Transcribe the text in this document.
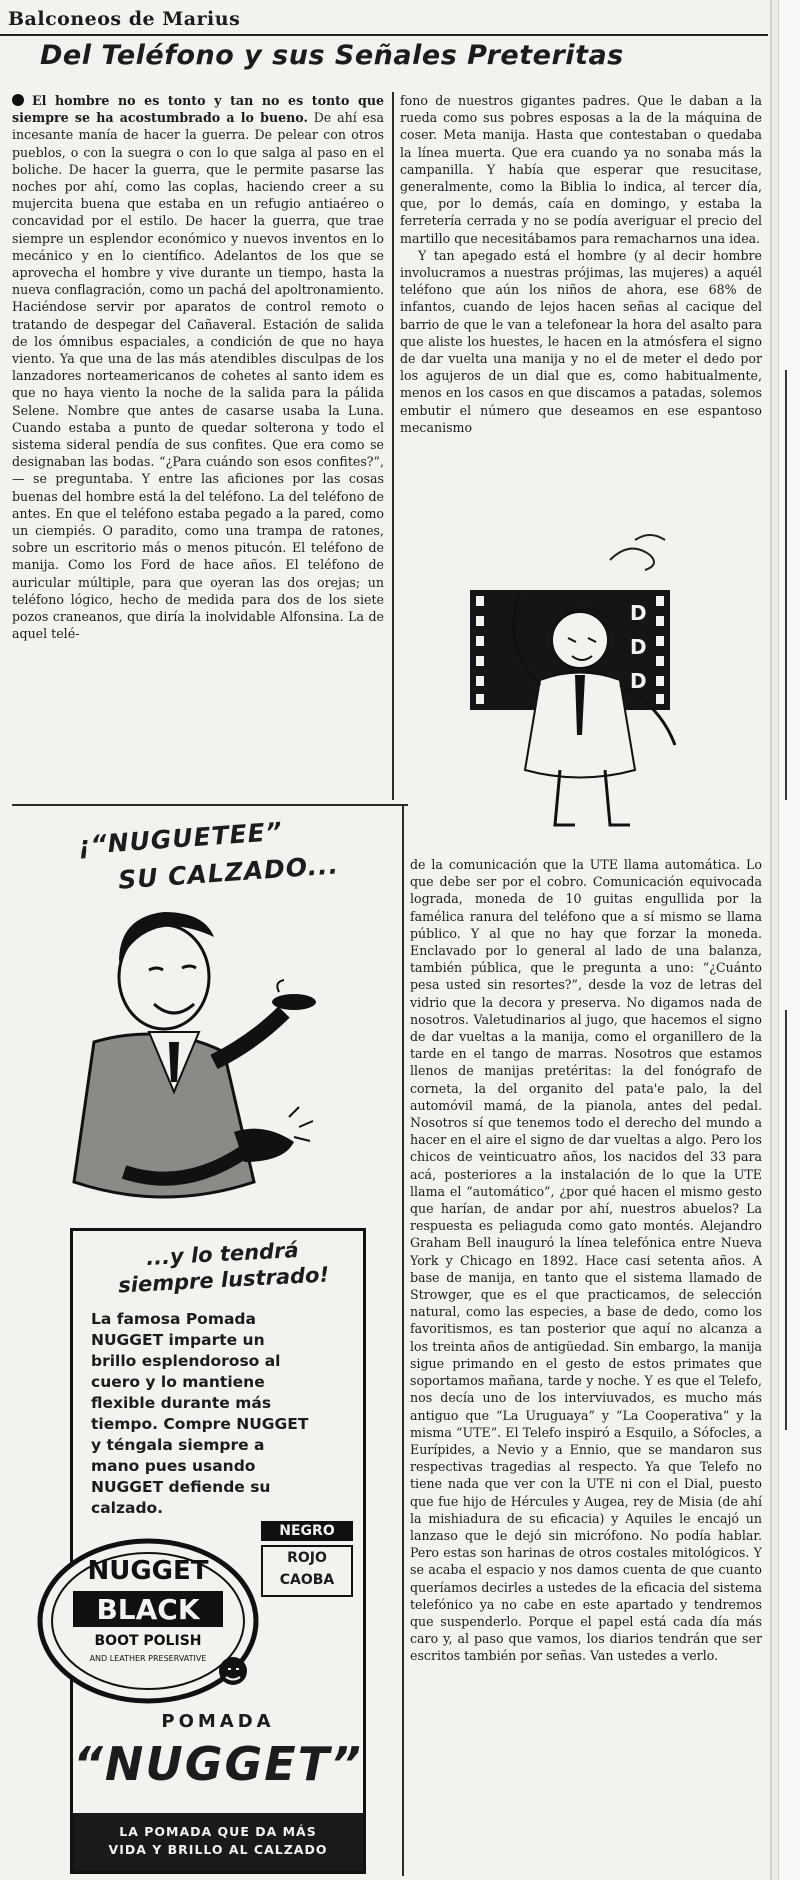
Balconeos de Marius
Del Teléfono y sus Señales Preteritas

El hombre no es tonto y tan no es tonto que siempre se ha acostumbrado a lo bueno. De ahí esa incesante manía de hacer la guerra. De pelear con otros pueblos, o con la suegra o con lo que salga al paso en el boliche. De hacer la guerra, que le permite pasarse las noches por ahí, como las coplas, haciendo creer a su mujercita buena que estaba en un refugio antiaéreo o concavidad por el estilo. De hacer la guerra, que trae siempre un esplendor económico y nuevos inventos en lo mecánico y en lo científico. Adelantos de los que se aprovecha el hombre y vive durante un tiempo, hasta la nueva conflagración, como un pachá del apoltronamiento. Haciéndose servir por aparatos de control remoto o tratando de despegar del Cañaveral. Estación de salida de los ómnibus espaciales, a condición de que no haya viento. Ya que una de las más atendibles disculpas de los lanzadores norteamericanos de cohetes al santo idem es que no haya viento la noche de la salida para la pálida Selene. Nombre que antes de casarse usaba la Luna. Cuando estaba a punto de quedar solterona y todo el sistema sideral pendía de sus confites. Que era como se designaban las bodas. “¿Para cuándo son esos confites?”, — se preguntaba. Y entre las aficiones por las cosas buenas del hombre está la del teléfono. La del teléfono de antes. En que el teléfono estaba pegado a la pared, como un ciempiés. O paradito, como una trampa de ratones, sobre un escritorio más o menos pitucón. El teléfono de manija. Como los Ford de hace años. El teléfono de auricular múltiple, para que oyeran las dos orejas; un teléfono lógico, hecho de medida para dos de los siete pozos craneanos, que diría la inolvidable Alfonsina. La de aquel telé-

fono de nuestros gigantes padres. Que le daban a la rueda como sus pobres esposas a la de la máquina de coser. Meta manija. Hasta que contestaban o quedaba la línea muerta. Que era cuando ya no sonaba más la campanilla. Y había que esperar que resucitase, generalmente, como la Biblia lo indica, al tercer día, que, por lo demás, caía en domingo, y estaba la ferretería cerrada y no se podía averiguar el precio del martillo que necesitábamos para remacharnos una idea.

Y tan apegado está el hombre (y al decir hombre involucramos a nuestras prójimas, las mujeres) a aquél teléfono que aún los niños de ahora, ese 68% de infantos, cuando de lejos hacen señas al cacique del barrio de que le van a telefonear la hora del asalto para que aliste los huestes, le hacen en la atmósfera el signo de dar vuelta una manija y no el de meter el dedo por los agujeros de un dial que es, como habitualmente, menos en los casos en que discamos a patadas, solemos embutir el número que deseamos en ese espantoso mecanismo

D
D
D

de la comunicación que la UTE llama automática. Lo que debe ser por el cobro. Comunicación equivocada lograda, moneda de 10 guitas engullida por la famélica ranura del teléfono que a sí mismo se llama público. Y al que no hay que forzar la moneda. Enclavado por lo general al lado de una balanza, también pública, que le pregunta a uno: “¿Cuánto pesa usted sin resortes?”, desde la voz de letras del vidrio que la decora y preserva. No digamos nada de nosotros. Valetudinarios al jugo, que hacemos el signo de dar vueltas a la manija, como el organillero de la tarde en el tango de marras. Nosotros que estamos llenos de manijas pretéritas: la del fonógrafo de corneta, la del organito del pata'e palo, la del automóvil mamá, de la pianola, antes del pedal. Nosotros sí que tenemos todo el derecho del mundo a hacer en el aire el signo de dar vueltas a algo. Pero los chicos de veinticuatro años, los nacidos del 33 para acá, posteriores a la instalación de lo que la UTE llama el “automático”, ¿por qué hacen el mismo gesto que harían, de andar por ahí, nuestros abuelos? La respuesta es peliaguda como gato montés. Alejandro Graham Bell inauguró la línea telefónica entre Nueva York y Chicago en 1892. Hace casi setenta años. A base de manija, en tanto que el sistema llamado de Strowger, que es el que practicamos, de selección natural, como las especies, a base de dedo, como los favoritismos, es tan posterior que aquí no alcanza a los treinta años de antigüedad. Sin embargo, la manija sigue primando en el gesto de estos primates que soportamos mañana, tarde y noche. Y es que el Telefo, nos decía uno de los interviuvados, es mucho más antiguo que “La Uruguaya” y “La Cooperativa” y la misma “UTE”. El Telefo inspiró a Esquilo, a Sófocles, a Eurípides, a Nevio y a Ennio, que se mandaron sus respectivas tragedias al respecto. Ya que Telefo no tiene nada que ver con la UTE ni con el Dial, puesto que fue hijo de Hércules y Augea, rey de Misia (de ahí la mishiadura de su eficacia) y Aquiles le encajó un lanzaso que le dejó sin micrófono. No podía hablar. Pero estas son harinas de otros costales mitológicos. Y se acaba el espacio y nos damos cuenta de que cuanto queríamos decirles a ustedes de la eficacia del sistema telefónico ya no cabe en este apartado y tendremos que suspenderlo. Porque el papel está cada día más caro y, al paso que vamos, los diarios tendrán que ser escritos también por señas. Van ustedes a verlo.

¡“NUGUETEE”
SU CALZADO...
...y lo tendrá
siempre lustrado!
La famosa Pomada NUGGET imparte un brillo esplendoroso al cuero y lo mantiene flexible durante más tiempo. Compre NUGGET y téngala siempre a mano pues usando NUGGET defiende su calzado.
NEGRO
ROJO
CAOBA
NUGGET
BLACK
BOOT POLISH
AND LEATHER PRESERVATIVE
POMADA
“NUGGET”
LA POMADA QUE DA MÁS
VIDA Y BRILLO AL CALZADO
